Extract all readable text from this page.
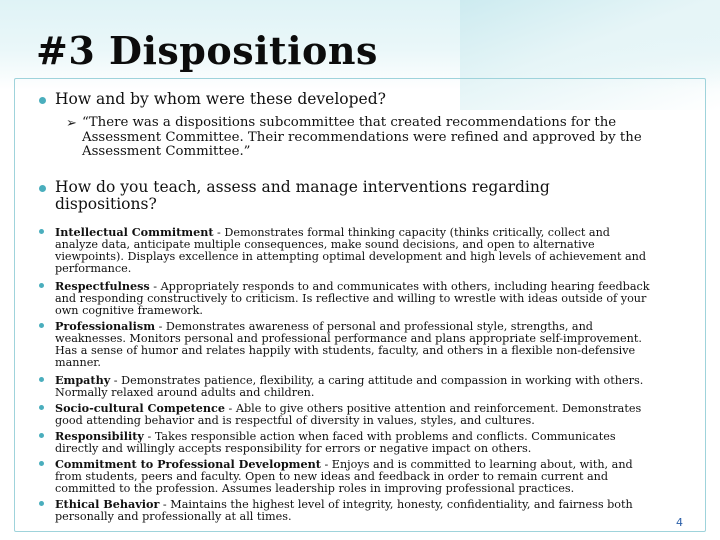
#3 Dispositions

How and by whom were these developed?

➢ “There was a dispositions subcommittee that created recommendations for the Assessment Committee. Their recommendations were refined and approved by the Assessment Committee.”

How do you teach, assess and manage interventions regarding dispositions?

Intellectual Commitment - Demonstrates formal thinking capacity (thinks critically, collect and analyze data, anticipate multiple consequences, make sound decisions, and open to alternative viewpoints). Displays excellence in attempting optimal development and high levels of achievement and performance.

Respectfulness - Appropriately responds to and communicates with others, including hearing feedback and responding constructively to criticism. Is reflective and willing to wrestle with ideas outside of your own cognitive framework.

Professionalism - Demonstrates awareness of personal and professional style, strengths, and weaknesses. Monitors personal and professional performance and plans appropriate self-improvement. Has a sense of humor and relates happily with students, faculty, and others in a flexible non-defensive manner.

Empathy - Demonstrates patience, flexibility, a caring attitude and compassion in working with others. Normally relaxed around adults and children.

Socio-cultural Competence - Able to give others positive attention and reinforcement. Demonstrates good attending behavior and is respectful of diversity in values, styles, and cultures.

Responsibility - Takes responsible action when faced with problems and conflicts. Communicates directly and willingly accepts responsibility for errors or negative impact on others.

Commitment to Professional Development - Enjoys and is committed to learning about, with, and from students, peers and faculty. Open to new ideas and feedback in order to remain current and committed to the profession. Assumes leadership roles in improving professional practices.

Ethical Behavior - Maintains the highest level of integrity, honesty, confidentiality, and fairness both personally and professionally at all times.	4
